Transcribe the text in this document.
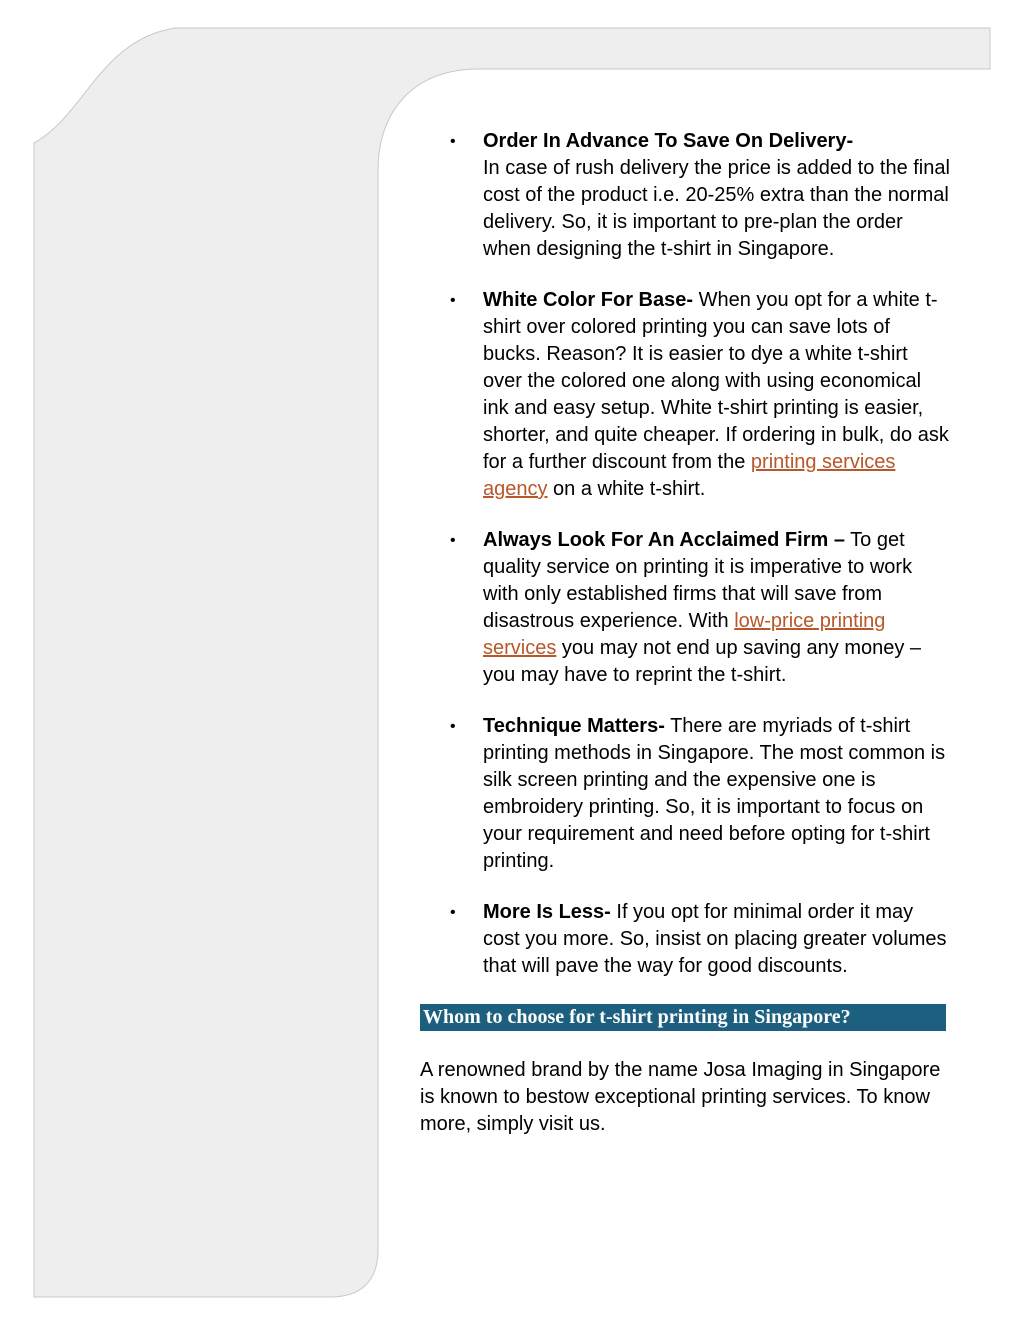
• Order In Advance To Save On Delivery-
In case of rush delivery the price is added to the final cost of the product i.e. 20-25% extra than the normal delivery. So, it is important to pre-plan the order when designing the t-shirt in Singapore.
• White Color For Base- When you opt for a white t-shirt over colored printing you can save lots of bucks. Reason? It is easier to dye a white t-shirt over the colored one along with using economical ink and easy setup. White t-shirt printing is easier, shorter, and quite cheaper. If ordering in bulk, do ask for a further discount from the printing services agency on a white t-shirt.
• Always Look For An Acclaimed Firm – To get quality service on printing it is imperative to work with only established firms that will save from disastrous experience. With low-price printing services you may not end up saving any money – you may have to reprint the t-shirt.
• Technique Matters- There are myriads of t-shirt printing methods in Singapore. The most common is silk screen printing and the expensive one is embroidery printing. So, it is important to focus on your requirement and need before opting for t-shirt printing.
• More Is Less- If you opt for minimal order it may cost you more. So, insist on placing greater volumes that will pave the way for good discounts.
Whom to choose for t-shirt printing in Singapore?

A renowned brand by the name Josa Imaging in Singapore is known to bestow exceptional printing services. To know more, simply visit us.
